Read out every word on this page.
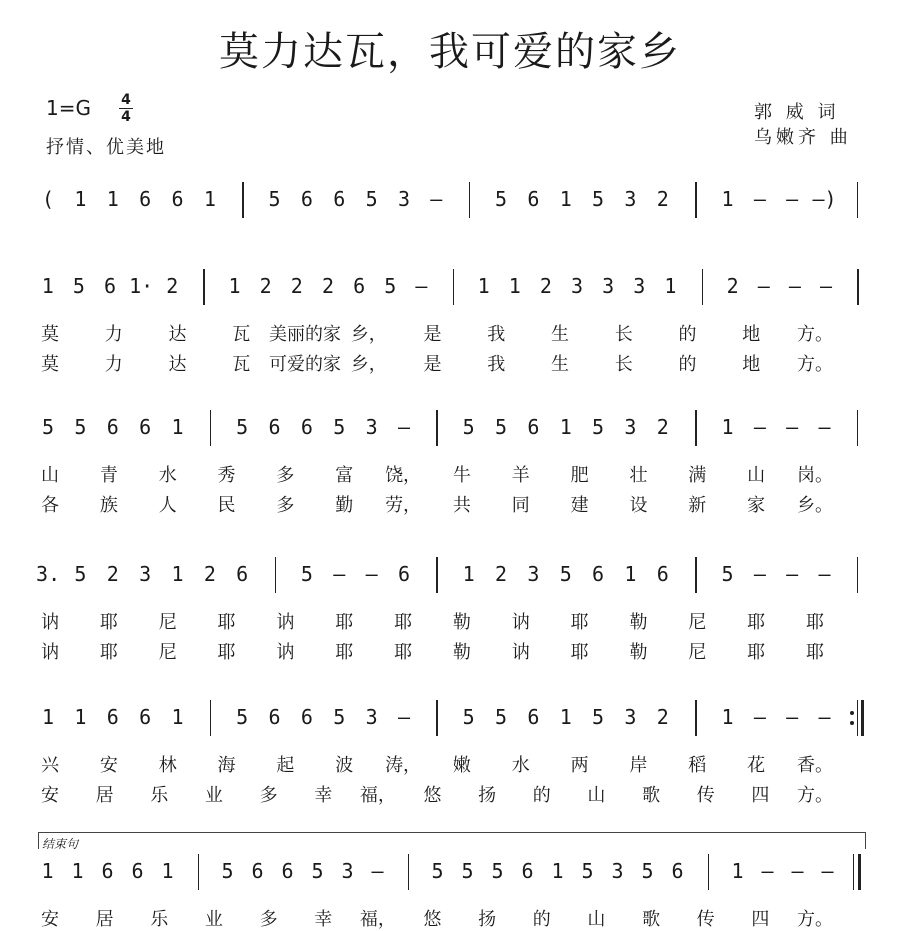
莫力达瓦，我可爱的家乡
1=G	4
4
抒情、优美地
郭 威 词
乌嫩齐 曲
结束句
( 1 1 6 6 1	5 6 6 5 3 –	5 6 1 5 3 2	1 – – –)
1 5 6 1· 2	1 2 2 2 6 5 –	1 1 2 3 3 3 1	2 – – –
莫	力	达	瓦 美丽的家 乡， 是	我	生	长	的	地 方。
莫	力	达	瓦 可爱的家 乡， 是	我	生	长	的	地 方。
5 5 6 6 1	5 6 6 5 3 –	5 5 6 1 5 3 2	1 – – –
山 青 水 秀 多 富 饶， 牛 羊 肥 壮 满 山 岗。
各 族 人 民 多 勤 劳， 共 同 建 设 新 家 乡。
3. 5 2 3 1 2 6	5 – – 6	1 2 3 5 6 1 6	5 – – –
讷 耶 尼 耶 讷 耶 耶 勒 讷 耶 勒 尼 耶 耶
讷 耶 尼 耶 讷 耶 耶 勒 讷 耶 勒 尼 耶 耶
1 1 6 6 1	5 6 6 5 3 –	5 5 6 1 5 3 2	1 – – –
兴 安 林 海 起 波 涛， 嫩 水 两 岸 稻 花 香。
安 居 乐 业 多 幸 福， 悠 扬 的 山 歌 传 四 方。
1 1 6 6 1 5 6 6 5 3 – 5 5 5 6 1 5 3 5 6 1 – – –
安 居 乐 业 多 幸 福， 悠 扬 的 山 歌 传 四 方。
